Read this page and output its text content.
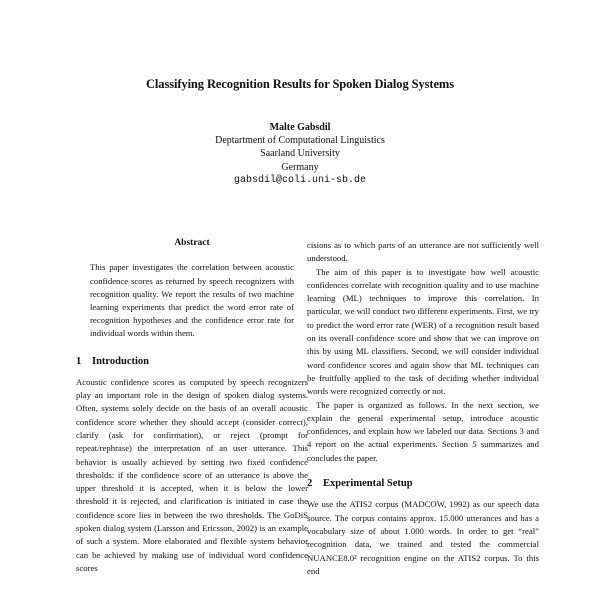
Classifying Recognition Results for Spoken Dialog Systems
Malte Gabsdil
Deptartment of Computational Linguistics
Saarland University
Germany
gabsdil@coli.uni-sb.de
Abstract
This paper investigates the correlation between acoustic confidence scores as returned by speech recognizers with recognition quality. We report the results of two machine learning experiments that predict the word error rate of recognition hypotheses and the confidence error rate for individual words within them.
1 Introduction

Acoustic confidence scores as computed by speech recognizers play an important role in the design of spoken dialog systems. Often, systems solely decide on the basis of an overall acoustic confidence score whether they should accept (consider correct), clarify (ask for confirmation), or reject (prompt for repeat/rephrase) the interpretation of an user utterance. This behavior is usually achieved by setting two fixed confidence thresholds: if the confidence score of an utterance is above the upper threshold it is accepted, when it is below the lower threshold it is rejected, and clarification is initiated in case the confidence score lies in between the two thresholds. The GoDiS spoken dialog system (Larsson and Ericsson, 2002) is an example of such a system. More elaborated and flexible system behavior can be achieved by making use of individual word confidence scores

cisions as to which parts of an utterance are not sufficiently well understood.

The aim of this paper is to investigate how well acoustic confidences correlate with recognition quality and to use machine learning (ML) techniques to improve this correlation. In particular, we will conduct two different experiments. First, we try to predict the word error rate (WER) of a recognition result based on its overall confidence score and show that we can improve on this by using ML classifiers. Second, we will consider individual word confidence scores and again show that ML techniques can be fruitfully applied to the task of deciding whether individual words were recognized correctly or not.

The paper is organized as follows. In the next section, we explain the general experimental setup, introduce acoustic confidences, and explain how we labeled our data. Sections 3 and 4 report on the actual experiments. Section 5 summarizes and concludes the paper.

2 Experimental Setup

We use the ATIS2 corpus (MADCOW, 1992) as our speech data source. The corpus contains approx. 15.000 utterances and has a vocabulary size of about 1.000 words. In order to get “real” recognition data, we trained and tested the commercial NUANCE8.0² recognition engine on the ATIS2 corpus. To this end
